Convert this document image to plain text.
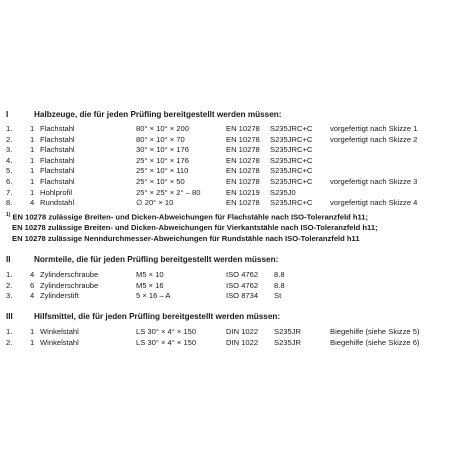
I	Halbzeuge, die für jeden Prüfling bereitgestellt werden müssen:
1. 1 Flachstahl	80° × 10° × 200	EN 10278 S235JRC+C vorgefertigt nach Skizze 1
2. 1 Flachstahl	80° × 10° × 70	EN 10278 S235JRC+C vorgefertigt nach Skizze 2
3. 1 Flachstahl	30° × 10° × 176	EN 10278 S235JRC+C
4. 1 Flachstahl	25° × 10° × 176	EN 10278 S235JRC+C
5. 1 Flachstahl	25° × 10° × 110	EN 10278 S235JRC+C
6. 1 Flachstahl	25° × 10° × 50	EN 10278 S235JRC+C vorgefertigt nach Skizze 3
7. 1 Hohlprofil	25° × 25° × 2° – 80	EN 10219 S235J0
8. 4 Rundstahl	∅ 20° × 10	EN 10278 S235JRC+C vorgefertigt nach Skizze 4
$^{1)}$ EN 10278 zulässige Breiten- und Dicken-Abweichungen für Flachstähle nach ISO-Toleranzfeld h11;
EN 10278 zulässige Breiten- und Dicken-Abweichungen für Vierkantstähle nach ISO-Toleranzfeld h11;
EN 10278 zulässige Nenndurchmesser-Abweichungen für Rundstähle nach ISO-Toleranzfeld h11
II	Normteile, die für jeden Prüfling bereitgestellt werden müssen:
1. 4 Zylinderschraube	M5 × 10	ISO 4762 8.8
2. 6 Zylinderschraube	M5 × 16	ISO 4762 8.8
3. 4 Zylinderstift	5 × 16 – A	ISO 8734 St
III	Hilfsmittel, die für jeden Prüfling bereitgestellt werden müssen:
1. 1 Winkelstahl	LS 30° × 4° × 150	DIN 1022 S235JR	Biegehilfe (siehe Skizze 5)
2. 1 Winkelstahl	LS 30° × 4° × 150	DIN 1022 S235JR	Biegehilfe (siehe Skizze 6)
